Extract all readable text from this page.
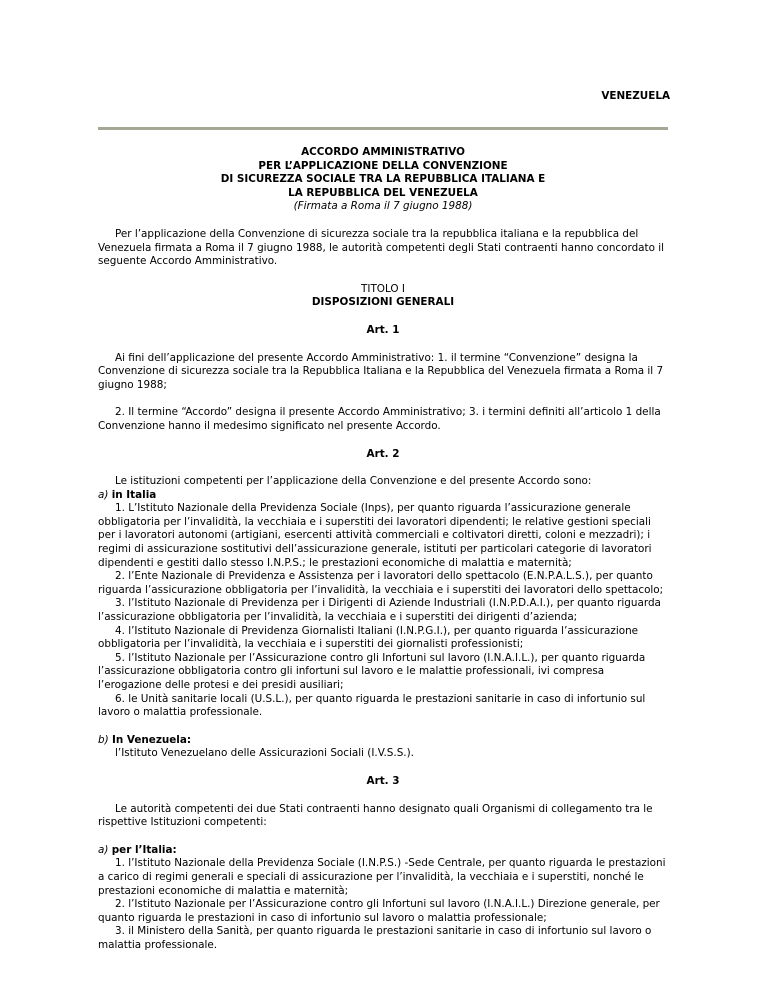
VENEZUELA
ACCORDO AMMINISTRATIVO
PER L’APPLICAZIONE DELLA CONVENZIONE
DI SICUREZZA SOCIALE TRA LA REPUBBLICA ITALIANA E
LA REPUBBLICA DEL VENEZUELA
(Firmata a Roma il 7 giugno 1988)

Per l’applicazione della Convenzione di sicurezza sociale tra la repubblica italiana e la repubblica del Venezuela firmata a Roma il 7 giugno 1988, le autorità competenti degli Stati contraenti hanno concordato il seguente Accordo Amministrativo.

TITOLO I
DISPOSIZIONI GENERALI
Art. 1

Ai fini dell’applicazione del presente Accordo Amministrativo: 1. il termine “Convenzione” designa la Convenzione di sicurezza sociale tra la Repubblica Italiana e la Repubblica del Venezuela firmata a Roma il 7 giugno 1988;

2. Il termine “Accordo” designa il presente Accordo Amministrativo; 3. i termini definiti all’articolo 1 della Convenzione hanno il medesimo significato nel presente Accordo.

Art. 2

Le istituzioni competenti per l’applicazione della Convenzione e del presente Accordo sono:

a) in Italia

1. L’Istituto Nazionale della Previdenza Sociale (Inps), per quanto riguarda l’assicurazione generale obbligatoria per l’invalidità, la vecchiaia e i superstiti dei lavoratori dipendenti; le relative gestioni speciali per i lavoratori autonomi (artigiani, esercenti attività commerciali e coltivatori diretti, coloni e mezzadri); i regimi di assicurazione sostitutivi dell’assicurazione generale, istituti per particolari categorie di lavoratori dipendenti e gestiti dallo stesso I.N.P.S.; le prestazioni economiche di malattia e maternità;

2. l’Ente Nazionale di Previdenza e Assistenza per i lavoratori dello spettacolo (E.N.P.A.L.S.), per quanto riguarda l’assicurazione obbligatoria per l’invalidità, la vecchiaia e i superstiti dei lavoratori dello spettacolo;

3. l’Istituto Nazionale di Previdenza per i Dirigenti di Aziende Industriali (I.N.P.D.A.I.), per quanto riguarda l’assicurazione obbligatoria per l’invalidità, la vecchiaia e i superstiti dei dirigenti d’azienda;

4. l’Istituto Nazionale di Previdenza Giornalisti Italiani (I.N.P.G.I.), per quanto riguarda l’assicurazione obbligatoria per l’invalidità, la vecchiaia e i superstiti dei giornalisti professionisti;

5. l’Istituto Nazionale per l’Assicurazione contro gli Infortuni sul lavoro (I.N.A.I.L.), per quanto riguarda l’assicurazione obbligatoria contro gli infortuni sul lavoro e le malattie professionali, ivi compresa l’erogazione delle protesi e dei presidi ausiliari;

6. le Unità sanitarie locali (U.S.L.), per quanto riguarda le prestazioni sanitarie in caso di infortunio sul lavoro o malattia professionale.

b) In Venezuela:

l’Istituto Venezuelano delle Assicurazioni Sociali (I.V.S.S.).

Art. 3

Le autorità competenti dei due Stati contraenti hanno designato quali Organismi di collegamento tra le rispettive Istituzioni competenti:

a) per l’Italia:

1. l’Istituto Nazionale della Previdenza Sociale (I.N.P.S.) -Sede Centrale, per quanto riguarda le prestazioni a carico di regimi generali e speciali di assicurazione per l’invalidità, la vecchiaia e i superstiti, nonché le prestazioni economiche di malattia e maternità;

2. l’Istituto Nazionale per l’Assicurazione contro gli Infortuni sul lavoro (I.N.A.I.L.) Direzione generale, per quanto riguarda le prestazioni in caso di infortunio sul lavoro o malattia professionale;

3. il Ministero della Sanità, per quanto riguarda le prestazioni sanitarie in caso di infortunio sul lavoro o malattia professionale.
